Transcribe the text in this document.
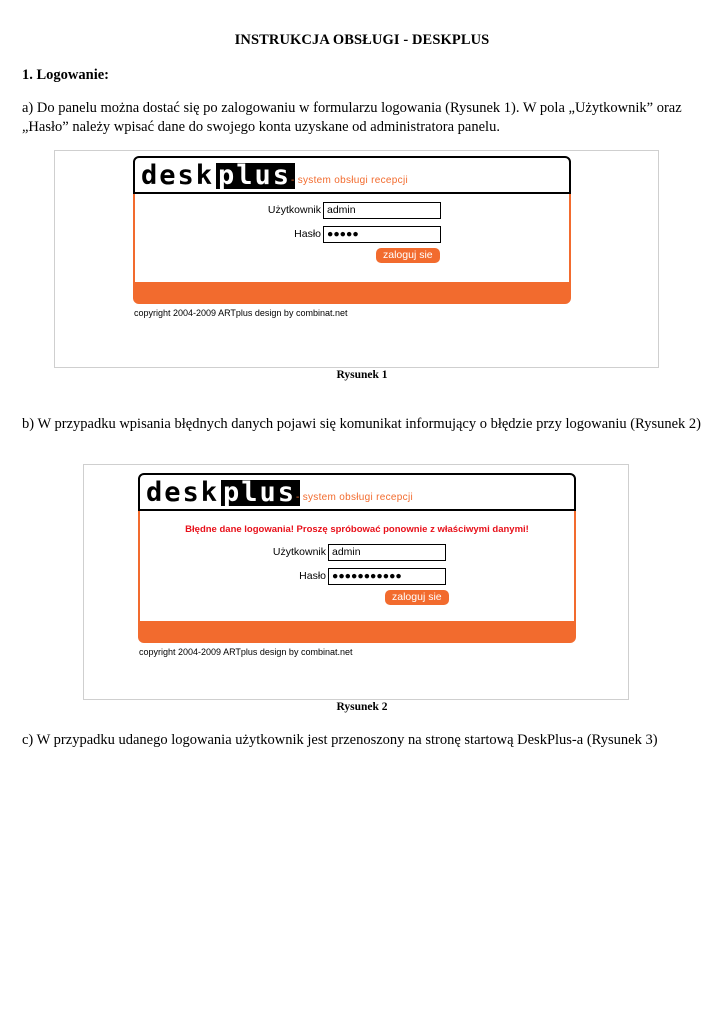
INSTRUKCJA OBSŁUGI - DESKPLUS
1. Logowanie:
a) Do panelu można dostać się po zalogowaniu w formularzu logowania (Rysunek 1). W pola „Użytkownik” oraz „Hasło” należy wpisać dane do swojego konta uzyskane od administratora panelu.
desk plus - system obsługi recepcji
Użytkownik admin
Hasło ●●●●●
zaloguj sie
copyright 2004-2009 ARTplus design by combinat.net
Rysunek 1
b) W przypadku wpisania błędnych danych pojawi się komunikat informujący o błędzie przy logowaniu (Rysunek 2)
desk plus - system obsługi recepcji
Błędne dane logowania! Proszę spróbować ponownie z właściwymi danymi!
Użytkownik admin
Hasło ●●●●●●●●●●●
zaloguj sie
copyright 2004-2009 ARTplus design by combinat.net
Rysunek 2
c) W przypadku udanego logowania użytkownik jest przenoszony na stronę startową DeskPlus-a (Rysunek 3)
